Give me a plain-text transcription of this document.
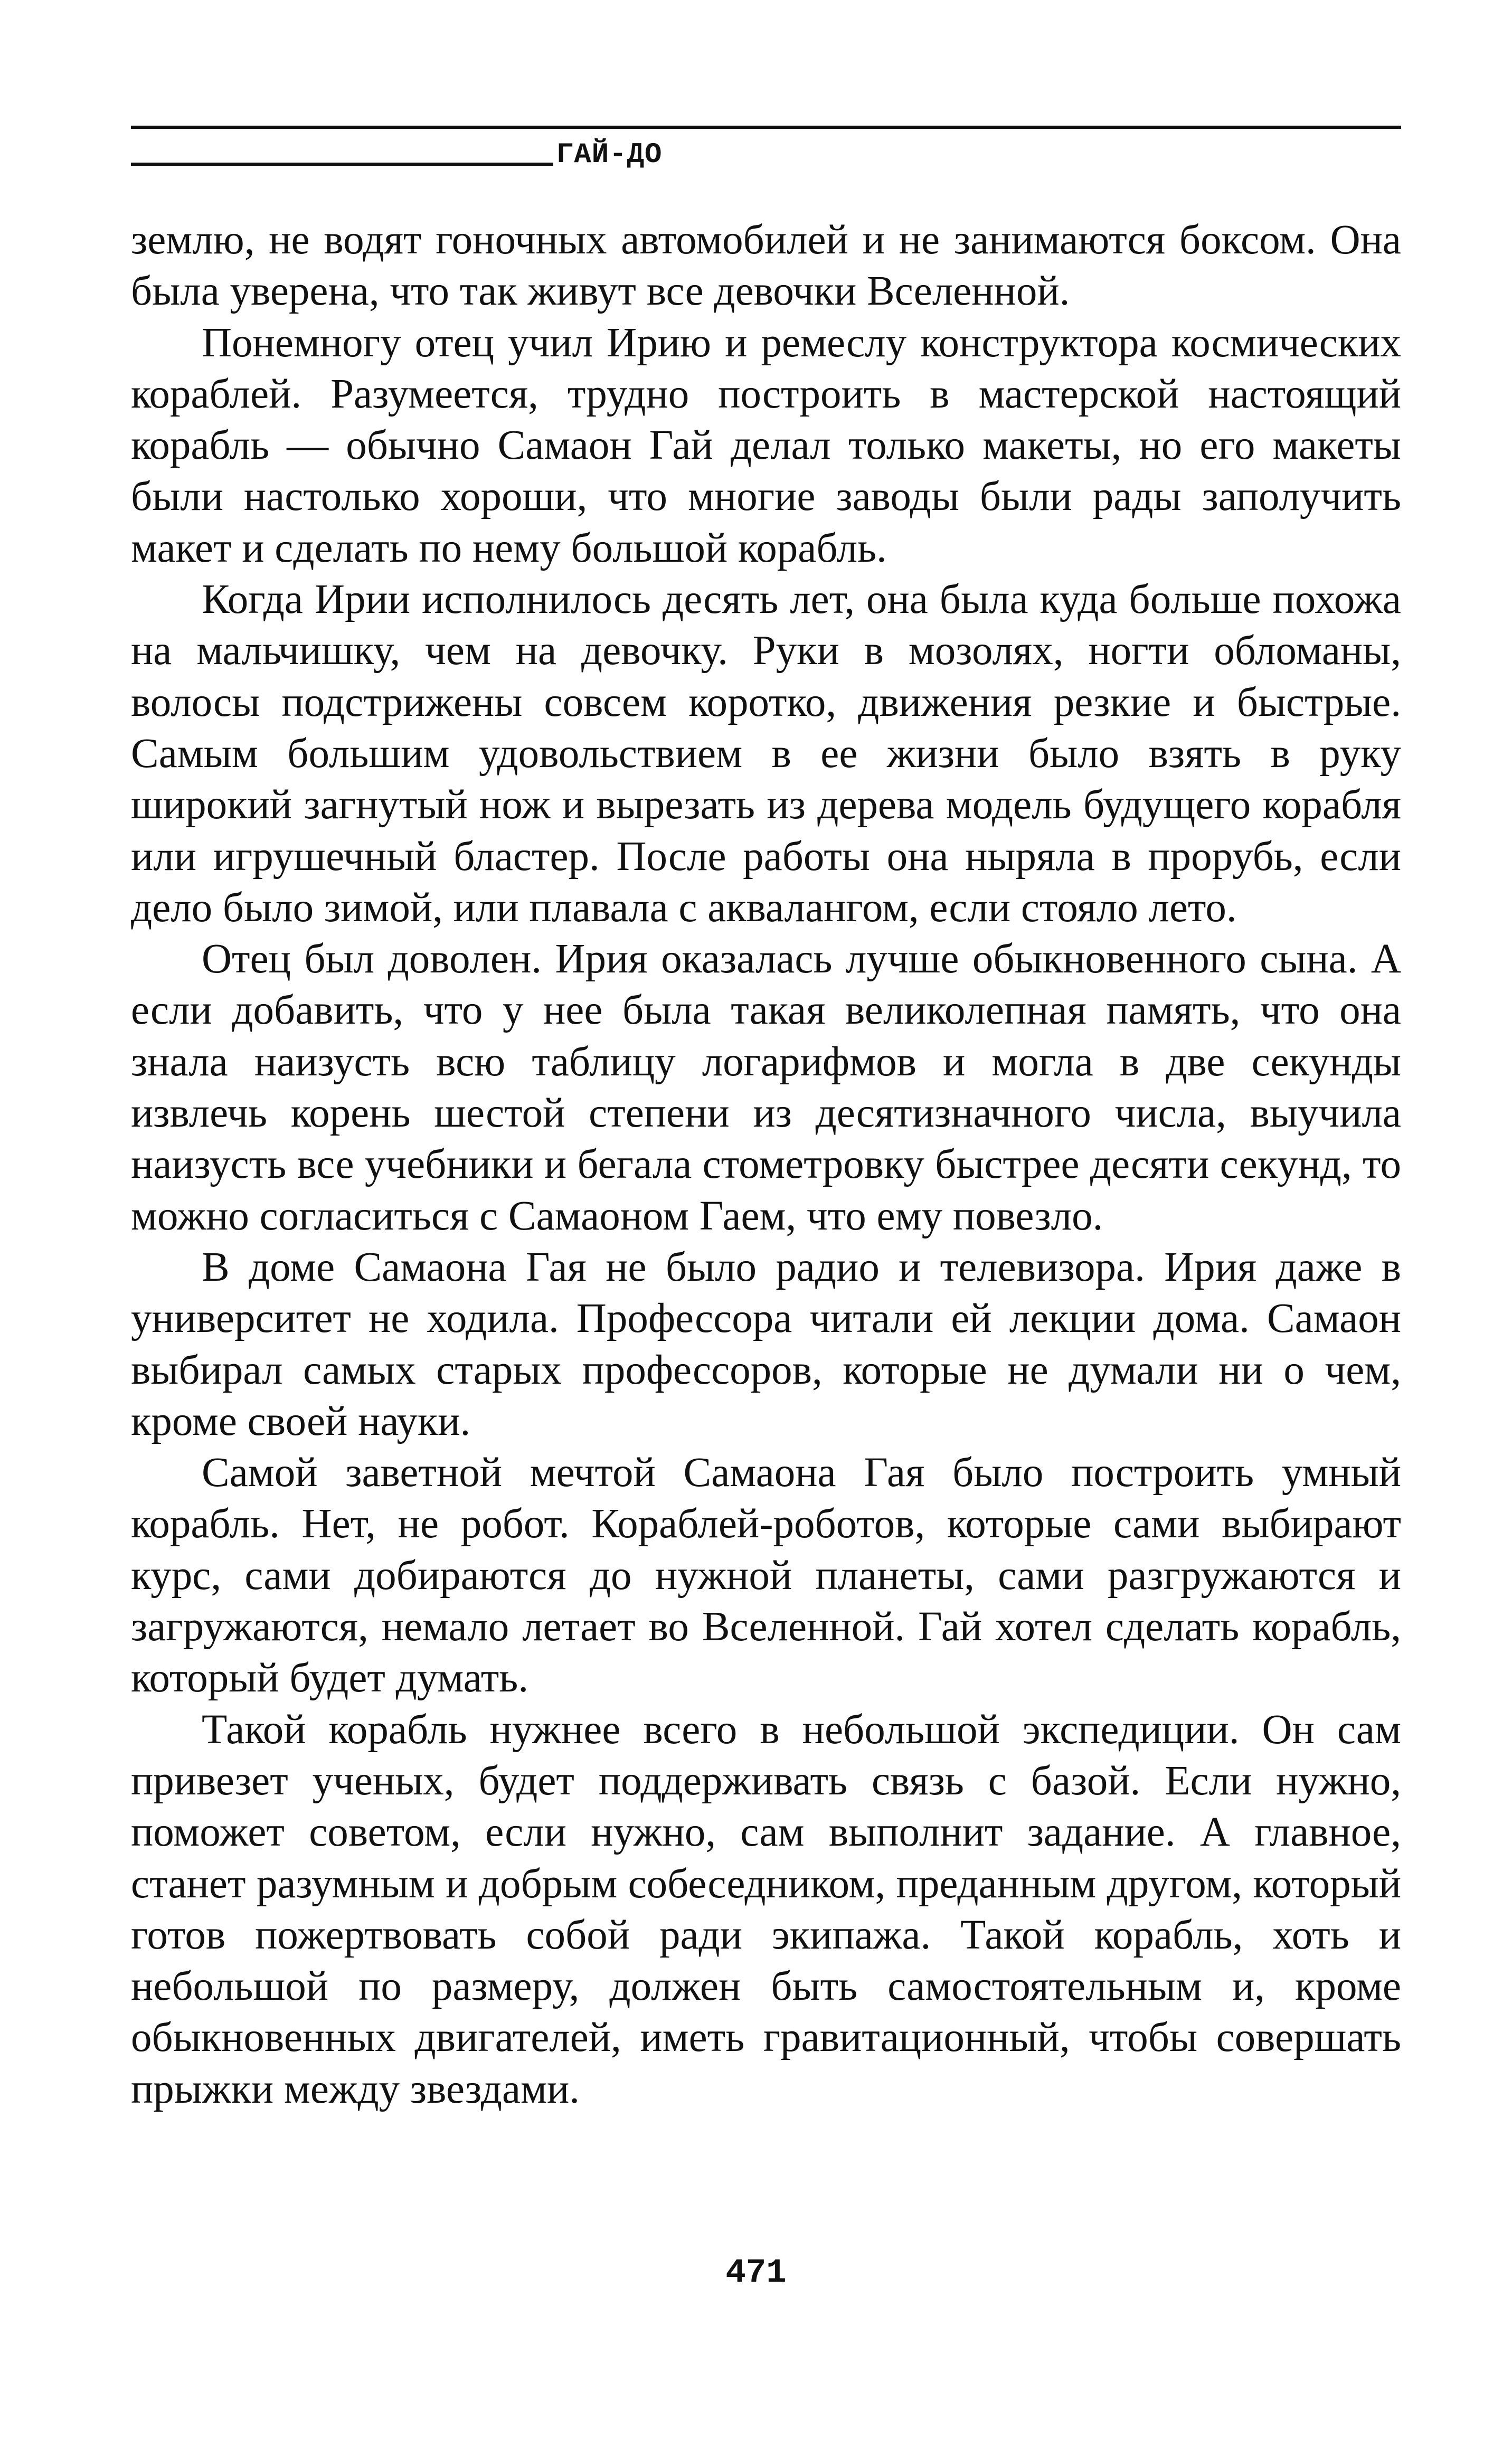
ГАЙ-ДО

землю, не водят гоночных автомобилей и не занимаются боксом. Она была уверена, что так живут все девочки Вселенной.

Понемногу отец учил Ирию и ремеслу конструктора космических кораблей. Разумеется, трудно построить в мастерской настоящий корабль — обычно Самаон Гай делал только макеты, но его макеты были настолько хороши, что многие заводы были рады заполучить макет и сделать по нему большой корабль.

Когда Ирии исполнилось десять лет, она была куда больше похожа на мальчишку, чем на девочку. Руки в мозолях, ногти обломаны, волосы подстрижены совсем коротко, движения резкие и быстрые. Самым большим удовольствием в ее жизни было взять в руку широкий загнутый нож и вырезать из дерева модель будущего корабля или игрушечный бластер. После работы она ныряла в прорубь, если дело было зимой, или плавала с аквалангом, если стояло лето.

Отец был доволен. Ирия оказалась лучше обыкновенного сына. А если добавить, что у нее была такая великолепная память, что она знала наизусть всю таблицу логарифмов и могла в две секунды извлечь корень шестой степени из десятизначного числа, выучила наизусть все учебники и бегала стометровку быстрее десяти секунд, то можно согласиться с Самаоном Гаем, что ему повезло.

В доме Самаона Гая не было радио и телевизора. Ирия даже в университет не ходила. Профессора читали ей лекции дома. Самаон выбирал самых старых профессоров, которые не думали ни о чем, кроме своей науки.

Самой заветной мечтой Самаона Гая было построить умный корабль. Нет, не робот. Кораблей-роботов, которые сами выбирают курс, сами добираются до нужной планеты, сами разгружаются и загружаются, немало летает во Вселенной. Гай хотел сделать корабль, который будет думать.

Такой корабль нужнее всего в небольшой экспедиции. Он сам привезет ученых, будет поддерживать связь с базой. Если нужно, поможет советом, если нужно, сам выполнит задание. А главное, станет разумным и добрым собеседником, преданным другом, который готов пожертвовать собой ради экипажа. Такой корабль, хоть и небольшой по размеру, должен быть самостоятельным и, кроме обыкновенных двигателей, иметь гравитационный, чтобы совершать прыжки между звездами.

471
